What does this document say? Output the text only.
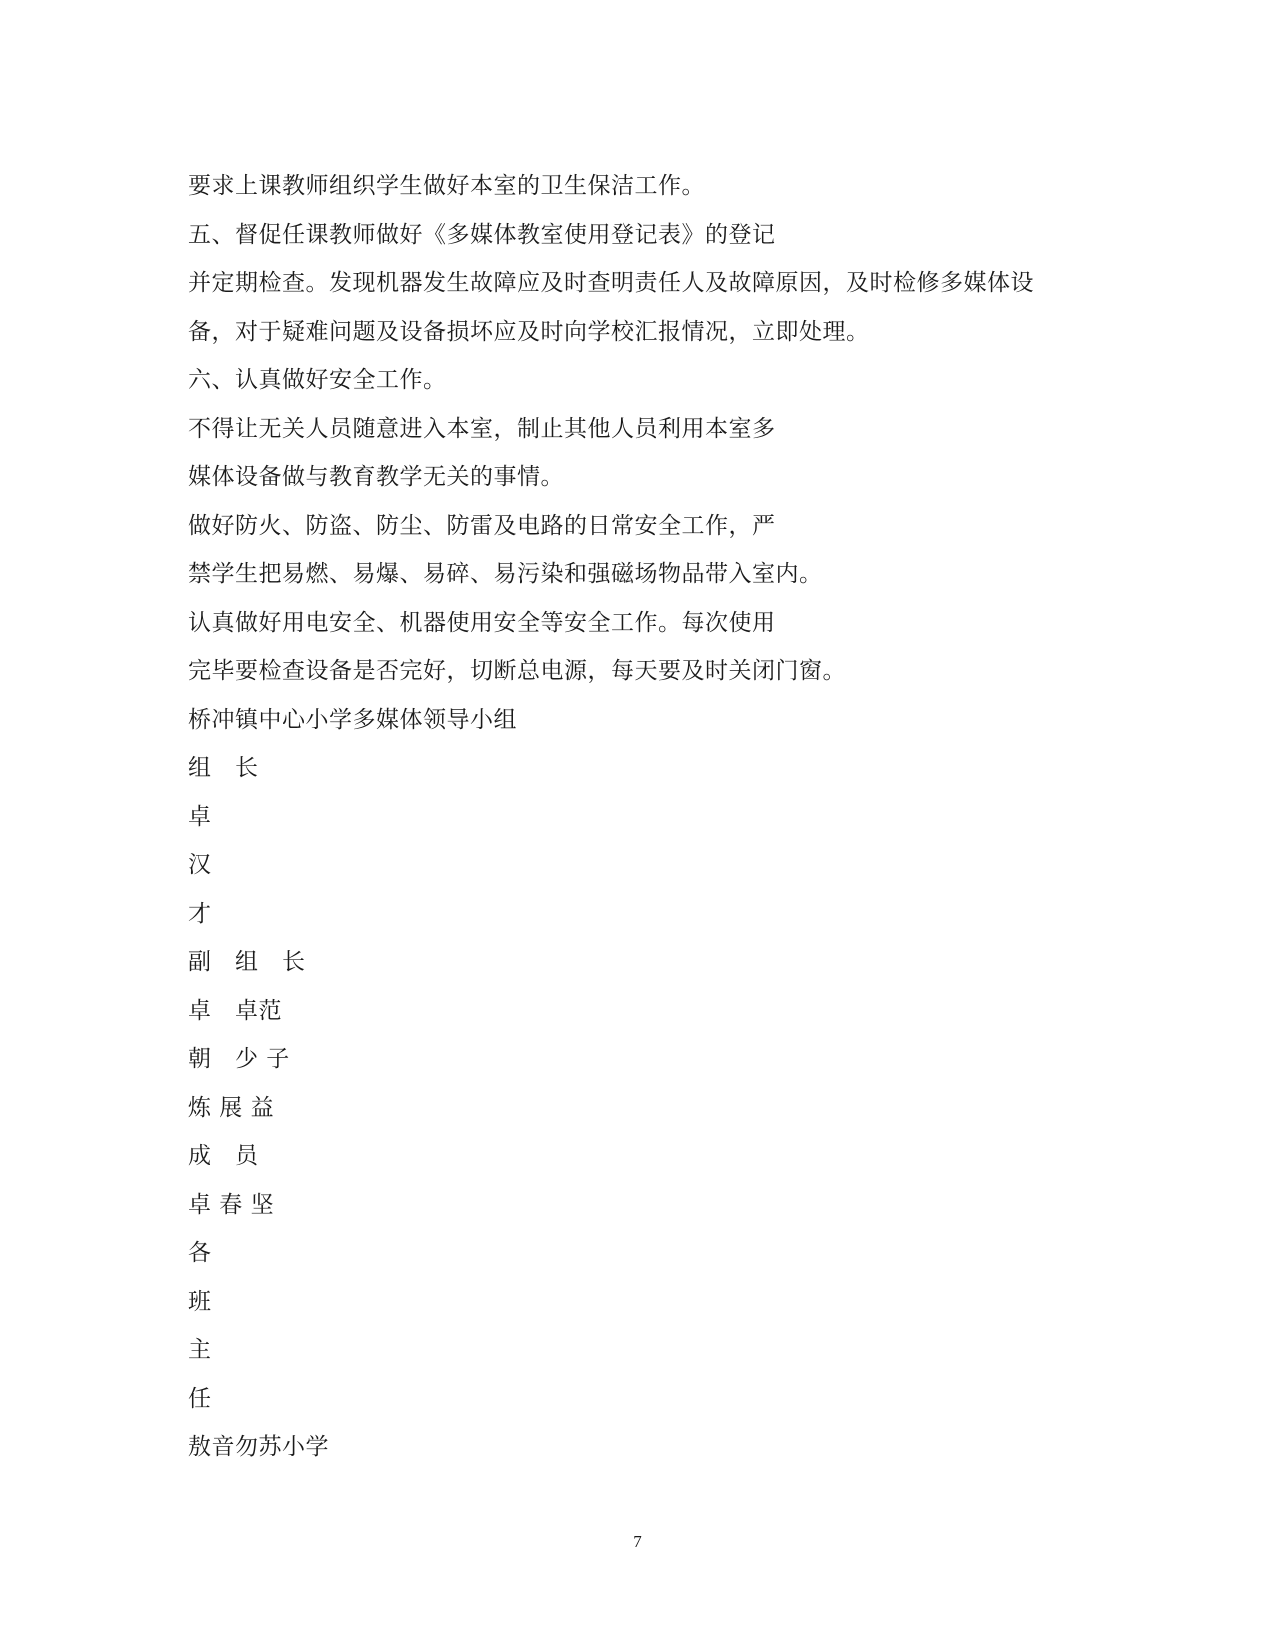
要求上课教师组织学生做好本室的卫生保洁工作。
五、督促任课教师做好《多媒体教室使用登记表》的登记
并定期检查。发现机器发生故障应及时查明责任人及故障原因，及时检修多媒体设
备，对于疑难问题及设备损坏应及时向学校汇报情况，立即处理。
六、认真做好安全工作。
不得让无关人员随意进入本室，制止其他人员利用本室多
媒体设备做与教育教学无关的事情。
做好防火、防盗、防尘、防雷及电路的日常安全工作，严
禁学生把易燃、易爆、易碎、易污染和强磁场物品带入室内。
认真做好用电安全、机器使用安全等安全工作。每次使用
完毕要检查设备是否完好，切断总电源，每天要及时关闭门窗。
桥冲镇中心小学多媒体领导小组
组　长
卓
汉
才
副　组　长
卓　卓范
朝　少 子
炼 展 益
成　员
卓 春 坚
各
班
主
任
敖音勿苏小学
7
